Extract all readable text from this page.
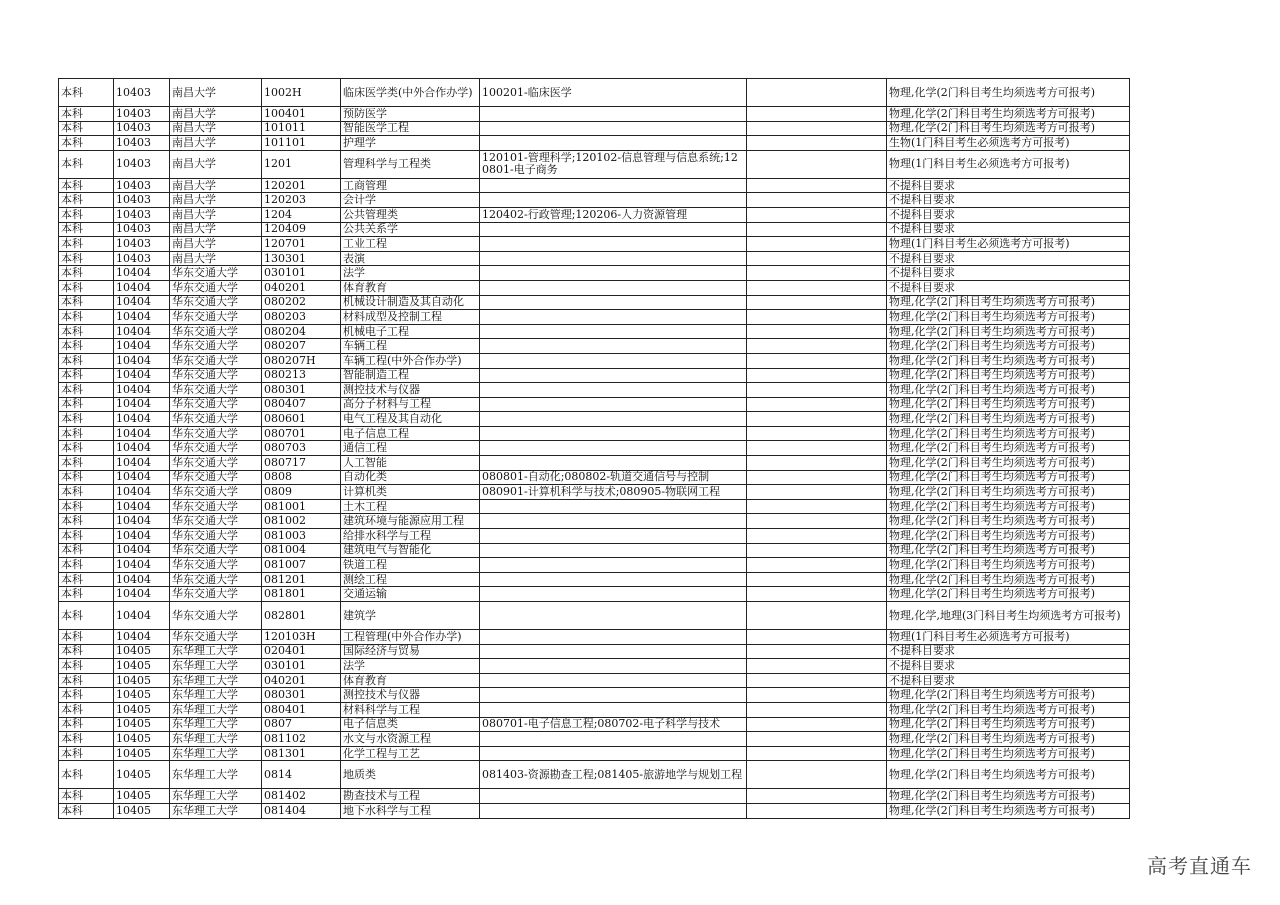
本科	10403	南昌大学	1002H	临床医学类(中外合作办学)	100201-临床医学		物理,化学(2门科目考生均须选考方可报考)
本科	10403	南昌大学	100401	预防医学			物理,化学(2门科目考生均须选考方可报考)
本科	10403	南昌大学	101011	智能医学工程			物理,化学(2门科目考生均须选考方可报考)
本科	10403	南昌大学	101101	护理学			生物(1门科目考生必须选考方可报考)
本科	10403	南昌大学	1201	管理科学与工程类	120101-管理科学;120102-信息管理与信息系统;120801-电子商务		物理(1门科目考生必须选考方可报考)
本科	10403	南昌大学	120201	工商管理			不提科目要求
本科	10403	南昌大学	120203	会计学			不提科目要求
本科	10403	南昌大学	1204	公共管理类	120402-行政管理;120206-人力资源管理		不提科目要求
本科	10403	南昌大学	120409	公共关系学			不提科目要求
本科	10403	南昌大学	120701	工业工程			物理(1门科目考生必须选考方可报考)
本科	10403	南昌大学	130301	表演			不提科目要求
本科	10404	华东交通大学	030101	法学			不提科目要求
本科	10404	华东交通大学	040201	体育教育			不提科目要求
本科	10404	华东交通大学	080202	机械设计制造及其自动化			物理,化学(2门科目考生均须选考方可报考)
本科	10404	华东交通大学	080203	材料成型及控制工程			物理,化学(2门科目考生均须选考方可报考)
本科	10404	华东交通大学	080204	机械电子工程			物理,化学(2门科目考生均须选考方可报考)
本科	10404	华东交通大学	080207	车辆工程			物理,化学(2门科目考生均须选考方可报考)
本科	10404	华东交通大学	080207H	车辆工程(中外合作办学)			物理,化学(2门科目考生均须选考方可报考)
本科	10404	华东交通大学	080213	智能制造工程			物理,化学(2门科目考生均须选考方可报考)
本科	10404	华东交通大学	080301	测控技术与仪器			物理,化学(2门科目考生均须选考方可报考)
本科	10404	华东交通大学	080407	高分子材料与工程			物理,化学(2门科目考生均须选考方可报考)
本科	10404	华东交通大学	080601	电气工程及其自动化			物理,化学(2门科目考生均须选考方可报考)
本科	10404	华东交通大学	080701	电子信息工程			物理,化学(2门科目考生均须选考方可报考)
本科	10404	华东交通大学	080703	通信工程			物理,化学(2门科目考生均须选考方可报考)
本科	10404	华东交通大学	080717	人工智能			物理,化学(2门科目考生均须选考方可报考)
本科	10404	华东交通大学	0808	自动化类	080801-自动化;080802-轨道交通信号与控制		物理,化学(2门科目考生均须选考方可报考)
本科	10404	华东交通大学	0809	计算机类	080901-计算机科学与技术;080905-物联网工程		物理,化学(2门科目考生均须选考方可报考)
本科	10404	华东交通大学	081001	土木工程			物理,化学(2门科目考生均须选考方可报考)
本科	10404	华东交通大学	081002	建筑环境与能源应用工程			物理,化学(2门科目考生均须选考方可报考)
本科	10404	华东交通大学	081003	给排水科学与工程			物理,化学(2门科目考生均须选考方可报考)
本科	10404	华东交通大学	081004	建筑电气与智能化			物理,化学(2门科目考生均须选考方可报考)
本科	10404	华东交通大学	081007	铁道工程			物理,化学(2门科目考生均须选考方可报考)
本科	10404	华东交通大学	081201	测绘工程			物理,化学(2门科目考生均须选考方可报考)
本科	10404	华东交通大学	081801	交通运输			物理,化学(2门科目考生均须选考方可报考)
本科	10404	华东交通大学	082801	建筑学			物理,化学,地理(3门科目考生均须选考方可报考)
本科	10404	华东交通大学	120103H	工程管理(中外合作办学)			物理(1门科目考生必须选考方可报考)
本科	10405	东华理工大学	020401	国际经济与贸易			不提科目要求
本科	10405	东华理工大学	030101	法学			不提科目要求
本科	10405	东华理工大学	040201	体育教育			不提科目要求
本科	10405	东华理工大学	080301	测控技术与仪器			物理,化学(2门科目考生均须选考方可报考)
本科	10405	东华理工大学	080401	材料科学与工程			物理,化学(2门科目考生均须选考方可报考)
本科	10405	东华理工大学	0807	电子信息类	080701-电子信息工程;080702-电子科学与技术		物理,化学(2门科目考生均须选考方可报考)
本科	10405	东华理工大学	081102	水文与水资源工程			物理,化学(2门科目考生均须选考方可报考)
本科	10405	东华理工大学	081301	化学工程与工艺			物理,化学(2门科目考生均须选考方可报考)
本科	10405	东华理工大学	0814	地质类	081403-资源勘查工程;081405-旅游地学与规划工程		物理,化学(2门科目考生均须选考方可报考)
本科	10405	东华理工大学	081402	勘查技术与工程			物理,化学(2门科目考生均须选考方可报考)
本科	10405	东华理工大学	081404	地下水科学与工程			物理,化学(2门科目考生均须选考方可报考)
高考直通车
